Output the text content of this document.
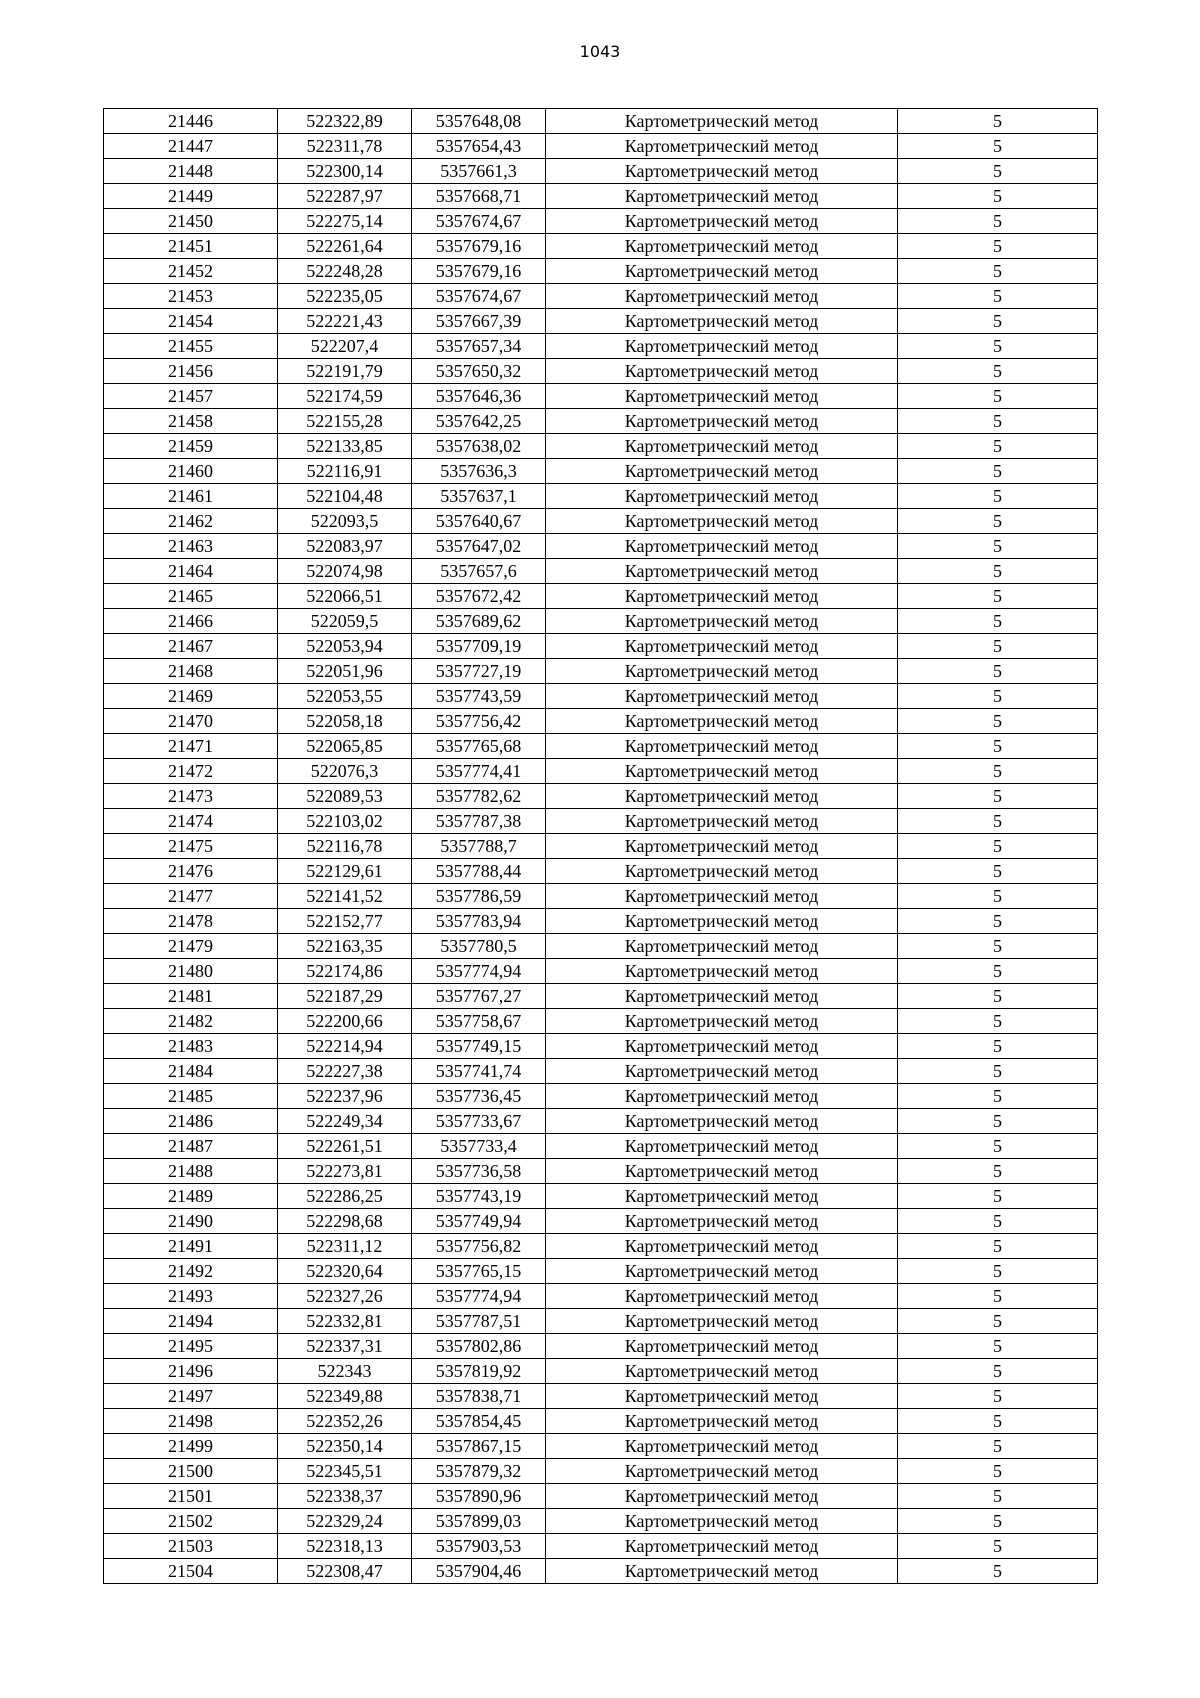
1043
21446	522322,89	5357648,08	Картометрический метод	5
21447	522311,78	5357654,43	Картометрический метод	5
21448	522300,14	5357661,3	Картометрический метод	5
21449	522287,97	5357668,71	Картометрический метод	5
21450	522275,14	5357674,67	Картометрический метод	5
21451	522261,64	5357679,16	Картометрический метод	5
21452	522248,28	5357679,16	Картометрический метод	5
21453	522235,05	5357674,67	Картометрический метод	5
21454	522221,43	5357667,39	Картометрический метод	5
21455	522207,4	5357657,34	Картометрический метод	5
21456	522191,79	5357650,32	Картометрический метод	5
21457	522174,59	5357646,36	Картометрический метод	5
21458	522155,28	5357642,25	Картометрический метод	5
21459	522133,85	5357638,02	Картометрический метод	5
21460	522116,91	5357636,3	Картометрический метод	5
21461	522104,48	5357637,1	Картометрический метод	5
21462	522093,5	5357640,67	Картометрический метод	5
21463	522083,97	5357647,02	Картометрический метод	5
21464	522074,98	5357657,6	Картометрический метод	5
21465	522066,51	5357672,42	Картометрический метод	5
21466	522059,5	5357689,62	Картометрический метод	5
21467	522053,94	5357709,19	Картометрический метод	5
21468	522051,96	5357727,19	Картометрический метод	5
21469	522053,55	5357743,59	Картометрический метод	5
21470	522058,18	5357756,42	Картометрический метод	5
21471	522065,85	5357765,68	Картометрический метод	5
21472	522076,3	5357774,41	Картометрический метод	5
21473	522089,53	5357782,62	Картометрический метод	5
21474	522103,02	5357787,38	Картометрический метод	5
21475	522116,78	5357788,7	Картометрический метод	5
21476	522129,61	5357788,44	Картометрический метод	5
21477	522141,52	5357786,59	Картометрический метод	5
21478	522152,77	5357783,94	Картометрический метод	5
21479	522163,35	5357780,5	Картометрический метод	5
21480	522174,86	5357774,94	Картометрический метод	5
21481	522187,29	5357767,27	Картометрический метод	5
21482	522200,66	5357758,67	Картометрический метод	5
21483	522214,94	5357749,15	Картометрический метод	5
21484	522227,38	5357741,74	Картометрический метод	5
21485	522237,96	5357736,45	Картометрический метод	5
21486	522249,34	5357733,67	Картометрический метод	5
21487	522261,51	5357733,4	Картометрический метод	5
21488	522273,81	5357736,58	Картометрический метод	5
21489	522286,25	5357743,19	Картометрический метод	5
21490	522298,68	5357749,94	Картометрический метод	5
21491	522311,12	5357756,82	Картометрический метод	5
21492	522320,64	5357765,15	Картометрический метод	5
21493	522327,26	5357774,94	Картометрический метод	5
21494	522332,81	5357787,51	Картометрический метод	5
21495	522337,31	5357802,86	Картометрический метод	5
21496	522343	5357819,92	Картометрический метод	5
21497	522349,88	5357838,71	Картометрический метод	5
21498	522352,26	5357854,45	Картометрический метод	5
21499	522350,14	5357867,15	Картометрический метод	5
21500	522345,51	5357879,32	Картометрический метод	5
21501	522338,37	5357890,96	Картометрический метод	5
21502	522329,24	5357899,03	Картометрический метод	5
21503	522318,13	5357903,53	Картометрический метод	5
21504	522308,47	5357904,46	Картометрический метод	5
